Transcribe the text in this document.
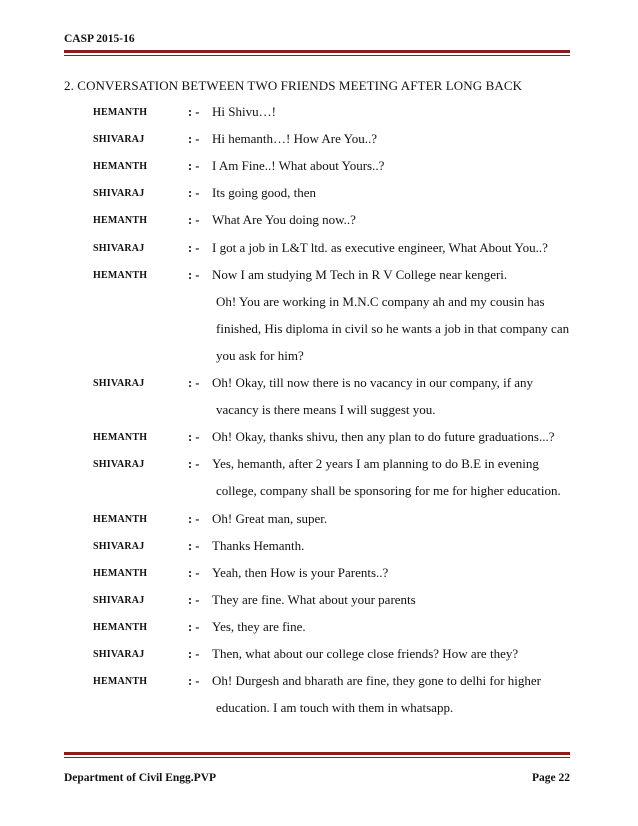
CASP 2015-16
2. CONVERSATION BETWEEN TWO FRIENDS MEETING AFTER LONG BACK
HEMANTH	: - Hi Shivu…!
SHIVARAJ	: - Hi hemanth…! How Are You..?
HEMANTH	: - I Am Fine..! What about Yours..?
SHIVARAJ	: - Its going good, then
HEMANTH	: - What Are You doing now..?
SHIVARAJ	: - I got a job in L&T ltd. as executive engineer, What About You..?
HEMANTH	: - Now I am studying M Tech in R V College near kengeri.
Oh! You are working in M.N.C company ah and my cousin has
finished, His diploma in civil so he wants a job in that company can
you ask for him?
SHIVARAJ	: - Oh! Okay, till now there is no vacancy in our company, if any
vacancy is there means I will suggest you.
HEMANTH	: - Oh! Okay, thanks shivu, then any plan to do future graduations...?
SHIVARAJ	: - Yes, hemanth, after 2 years I am planning to do B.E in evening
college, company shall be sponsoring for me for higher education.
HEMANTH	: - Oh! Great man, super.
SHIVARAJ	: - Thanks Hemanth.
HEMANTH	: - Yeah, then How is your Parents..?
SHIVARAJ	: - They are fine. What about your parents
HEMANTH	: - Yes, they are fine.
SHIVARAJ	: - Then, what about our college close friends? How are they?
HEMANTH	: - Oh! Durgesh and bharath are fine, they gone to delhi for higher
education. I am touch with them in whatsapp.
Department of Civil Engg.PVP	Page 22
